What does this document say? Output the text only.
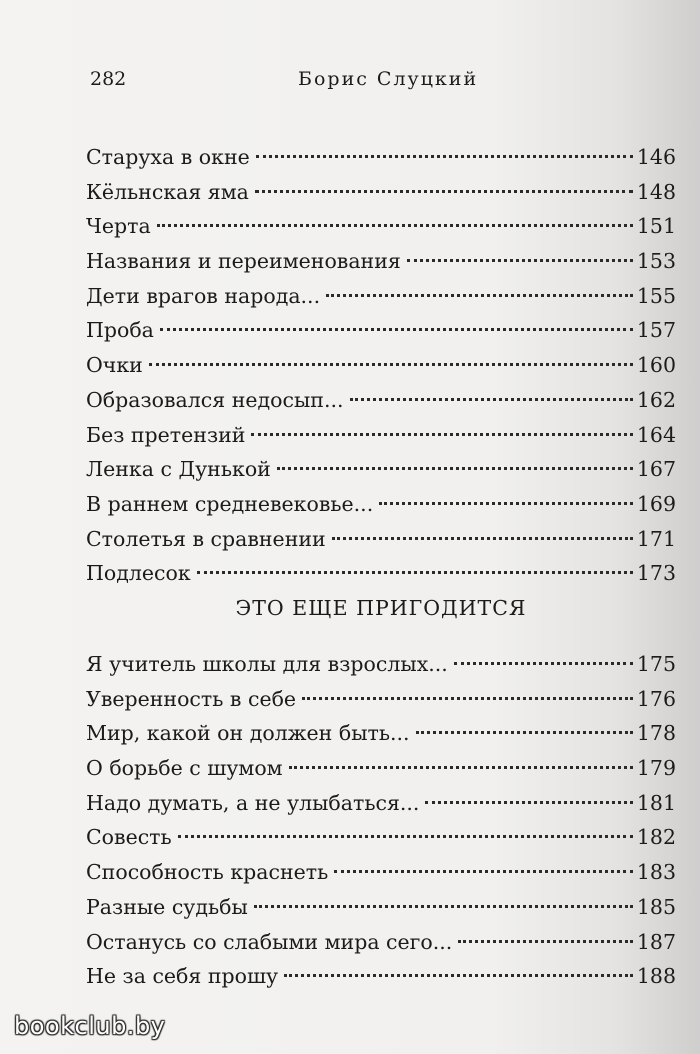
282	Борис Слуцкий
Старуха в окне	146
Кёльнская яма	148
Черта	151
Названия и переименования	153
Дети врагов народа...	155
Проба	157
Очки	160
Образовался недосып...	162
Без претензий	164
Ленка с Дунькой	167
В раннем средневековье...	169
Столетья в сравнении	171
Подлесок	173
ЭТО ЕЩЕ ПРИГОДИТСЯ
Я учитель школы для взрослых...	175
Уверенность в себе	176
Мир, какой он должен быть...	178
О борьбе с шумом	179
Надо думать, а не улыбаться...	181
Совесть	182
Способность краснеть	183
Разные судьбы	185
Останусь со слабыми мира сего...	187
Не за себя прошу	188
bookclub.by
